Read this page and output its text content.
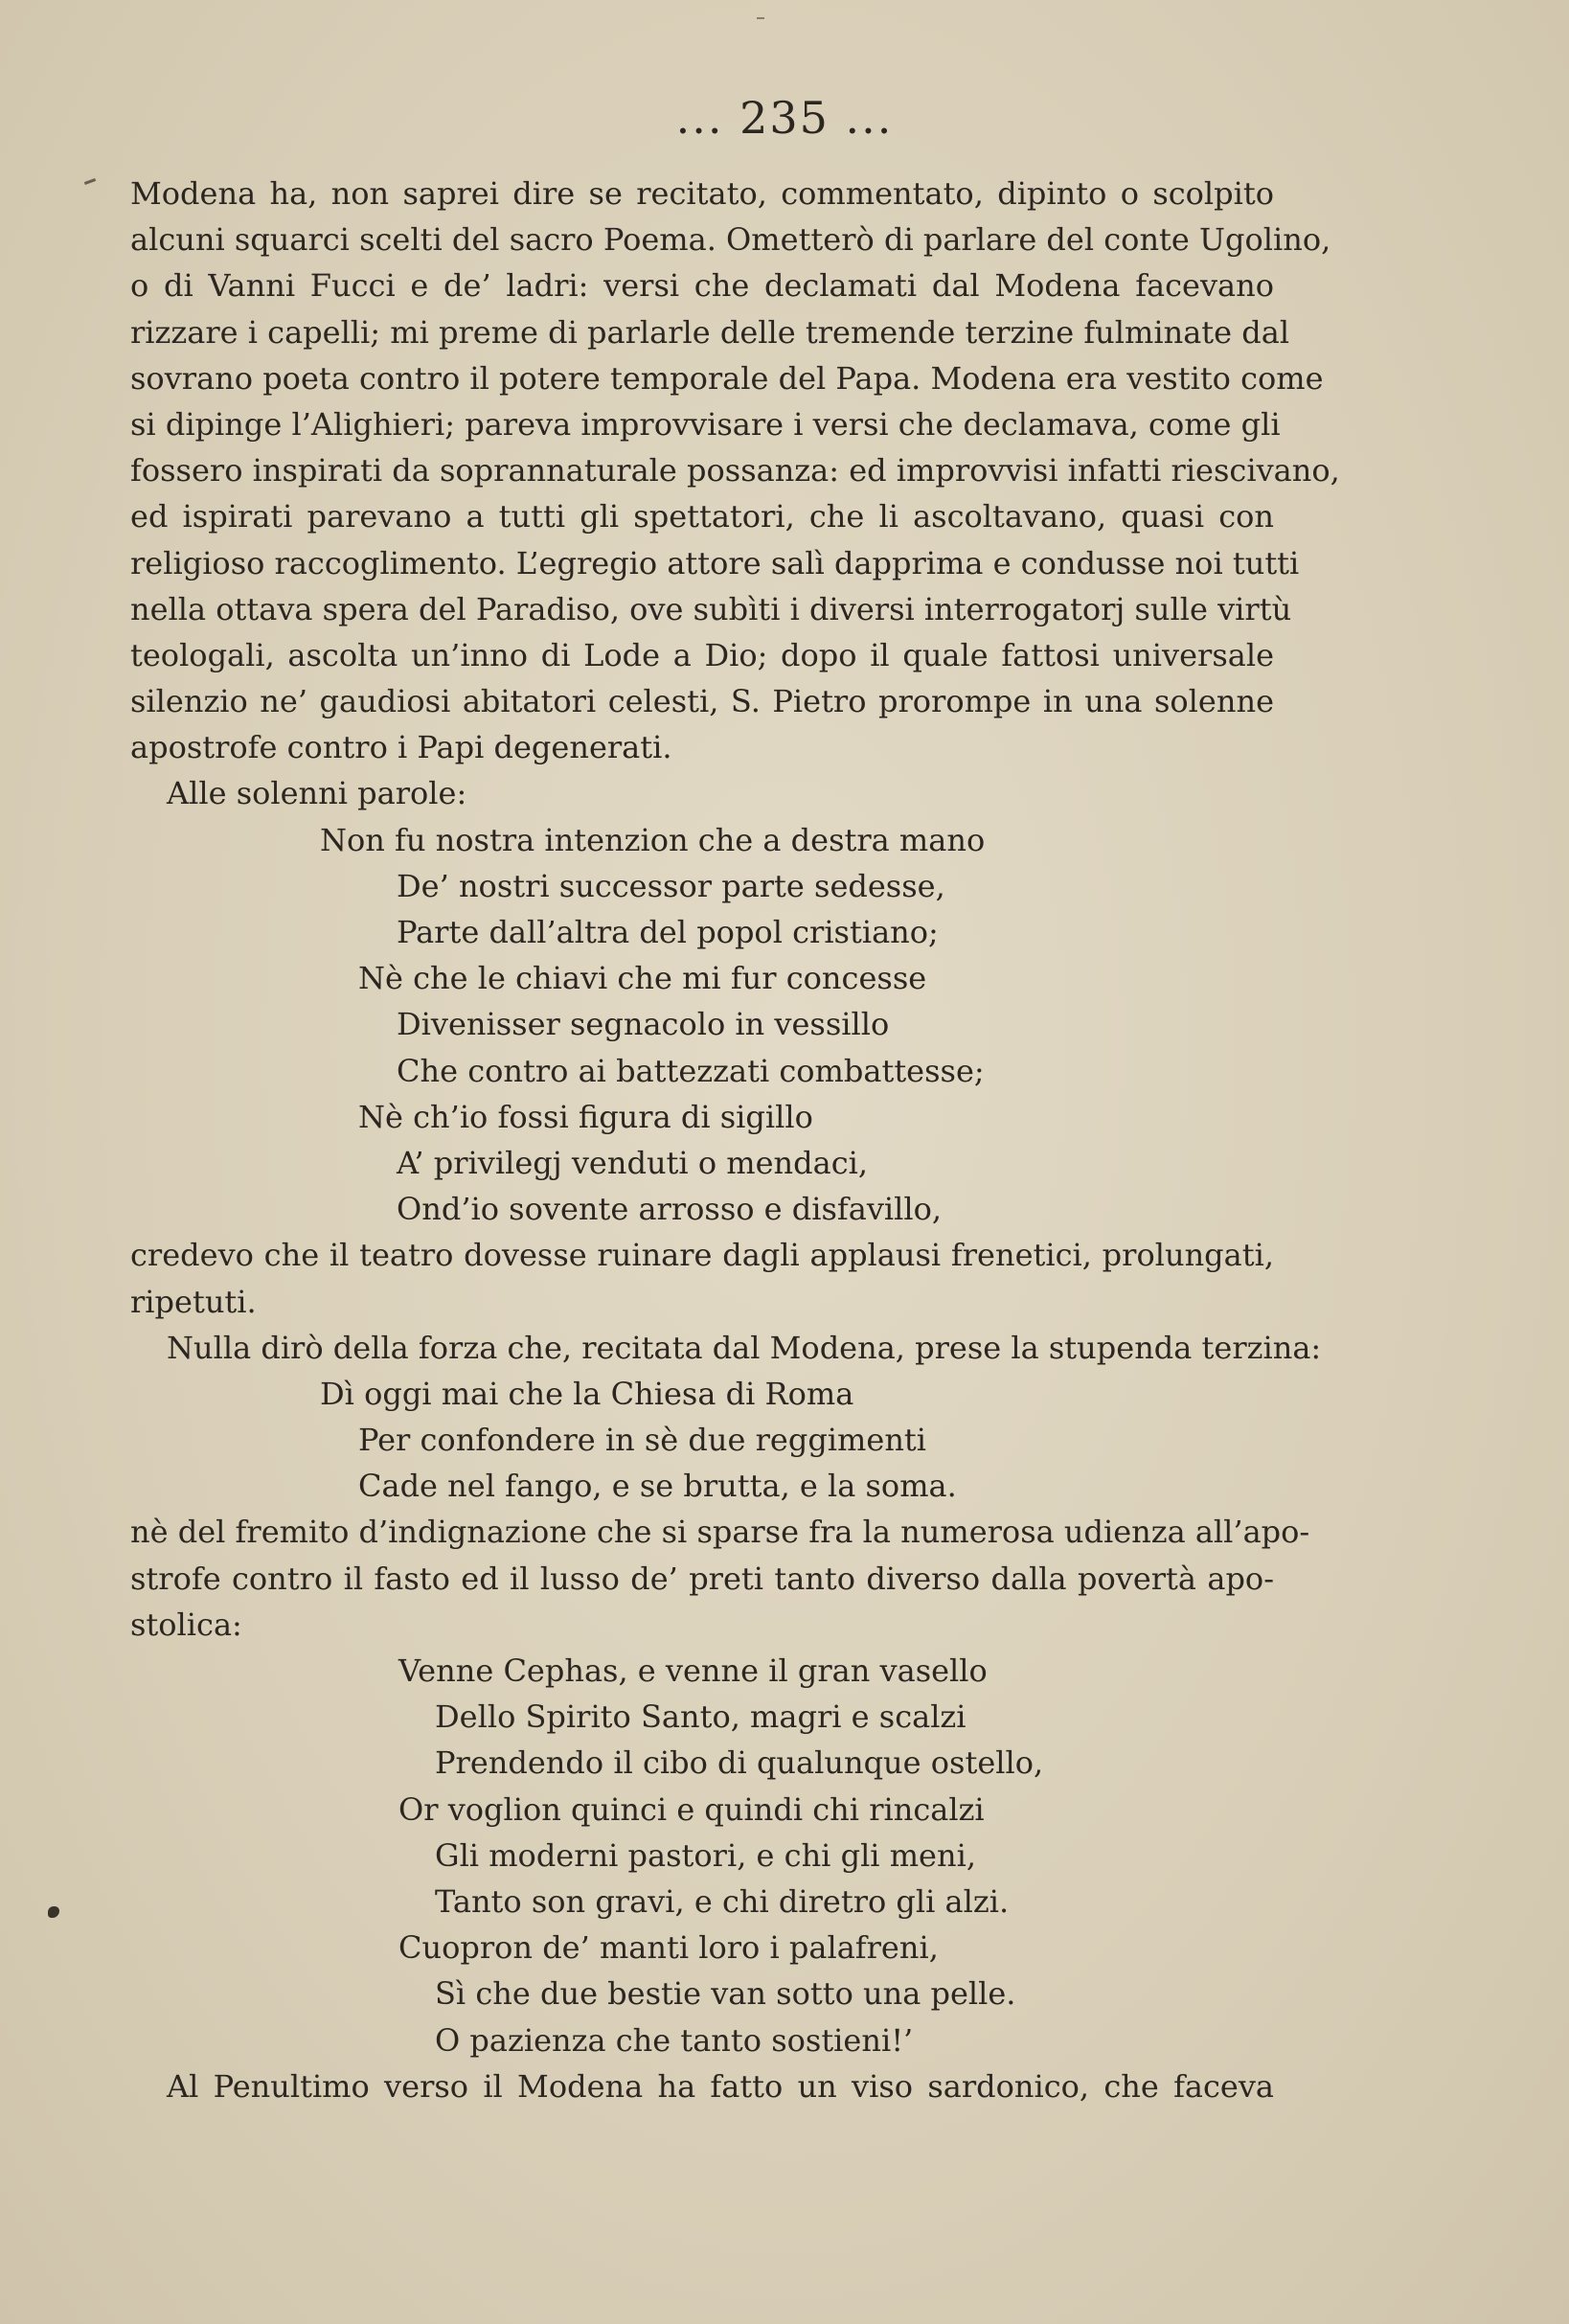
... 235 ...
Modena ha, non saprei dire se recitato, commentato, dipinto o scolpito
alcuni squarci scelti del sacro Poema. Ometterò di parlare del conte Ugolino,
o di Vanni Fucci e de’ ladri: versi che declamati dal Modena facevano
rizzare i capelli; mi preme di parlarle delle tremende terzine fulminate dal
sovrano poeta contro il potere temporale del Papa. Modena era vestito come
si dipinge l’Alighieri; pareva improvvisare i versi che declamava, come gli
fossero inspirati da soprannaturale possanza: ed improvvisi infatti riescivano,
ed ispirati parevano a tutti gli spettatori, che li ascoltavano, quasi con
religioso raccoglimento. L’egregio attore salì dapprima e condusse noi tutti
nella ottava spera del Paradiso, ove subìti i diversi interrogatorj sulle virtù
teologali, ascolta un’inno di Lode a Dio; dopo il quale fattosi universale
silenzio ne’ gaudiosi abitatori celesti, S. Pietro prorompe in una solenne
apostrofe contro i Papi degenerati.
Alle solenni parole:
Non fu nostra intenzion che a destra mano
De’ nostri successor parte sedesse,
Parte dall’altra del popol cristiano;
Nè che le chiavi che mi fur concesse
Divenisser segnacolo in vessillo
Che contro ai battezzati combattesse;
Nè ch’io fossi figura di sigillo
A’ privilegj venduti o mendaci,
Ond’io sovente arrosso e disfavillo,
credevo che il teatro dovesse ruinare dagli applausi frenetici, prolungati,
ripetuti.
Nulla dirò della forza che, recitata dal Modena, prese la stupenda terzina:
Dì oggi mai che la Chiesa di Roma
Per confondere in sè due reggimenti
Cade nel fango, e se brutta, e la soma.
nè del fremito d’indignazione che si sparse fra la numerosa udienza all’apo-
strofe contro il fasto ed il lusso de’ preti tanto diverso dalla povertà apo-
stolica:
Venne Cephas, e venne il gran vasello
Dello Spirito Santo, magri e scalzi
Prendendo il cibo di qualunque ostello,
Or voglion quinci e quindi chi rincalzi
Gli moderni pastori, e chi gli meni,
Tanto son gravi, e chi diretro gli alzi.
Cuopron de’ manti loro i palafreni,
Sì che due bestie van sotto una pelle.
O pazienza che tanto sostieni!’
Al Penultimo verso il Modena ha fatto un viso sardonico, che faceva
